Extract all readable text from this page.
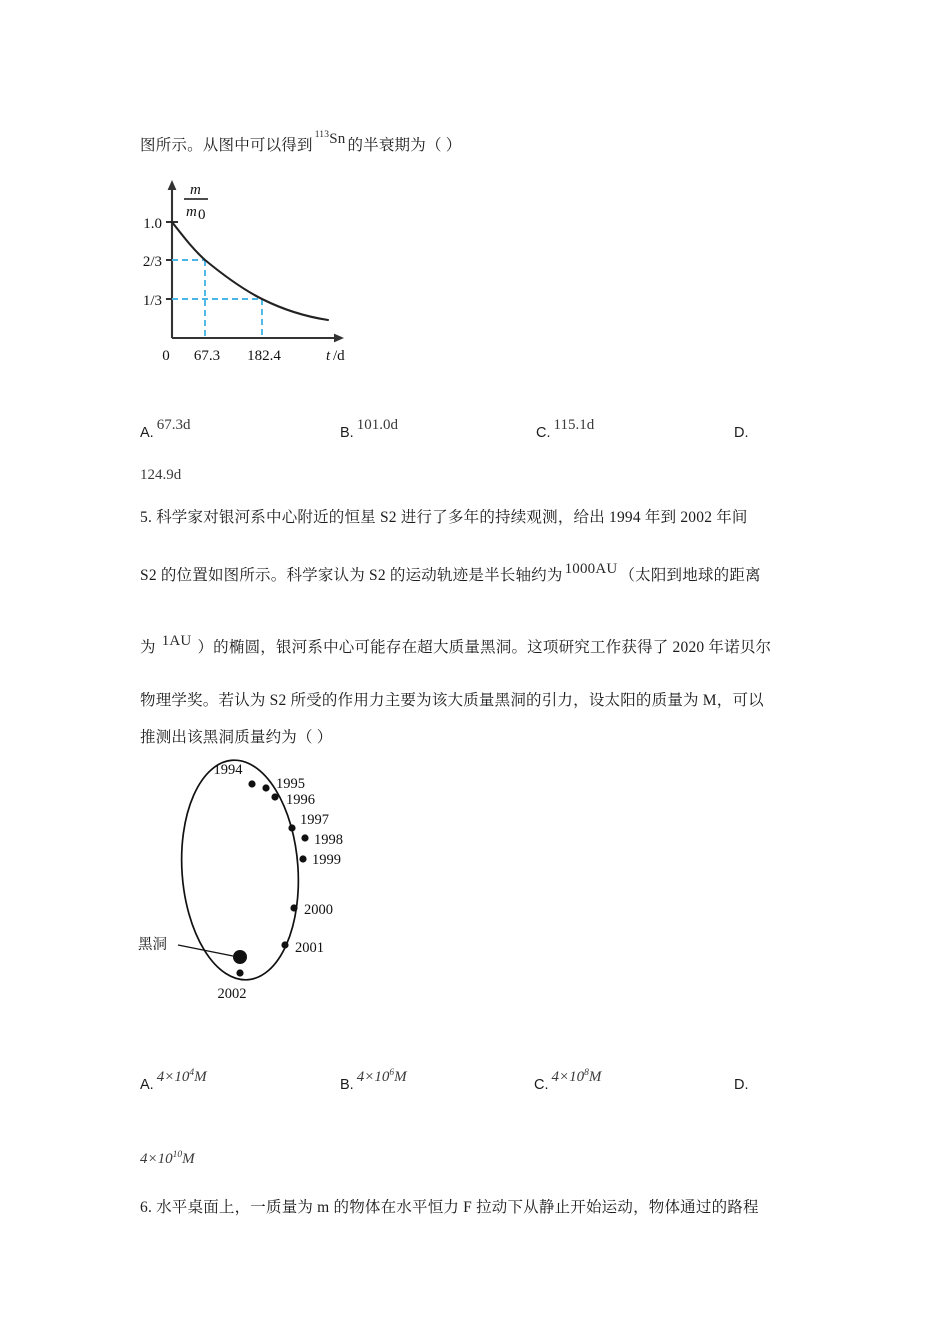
图所示。从图中可以得到$^{113}$Sn 的半衰期为（ ）
m
m 0
1.0
2/3
1/3
0 67.3 182.4	t /d
A. 67.3d	B. 101.0d	C. 115.1d	D.
124.9d
5. 科学家对银河系中心附近的恒星 S2 进行了多年的持续观测，给出 1994 年到 2002 年间
S2 的位置如图所示。科学家认为 S2 的运动轨迹是半长轴约为 1000AU （太阳到地球的距离
为 1AU ）的椭圆，银河系中心可能存在超大质量黑洞。这项研究工作获得了 2020 年诺贝尔
物理学奖。若认为 S2 所受的作用力主要为该大质量黑洞的引力，设太阳的质量为 M，可以
推测出该黑洞质量约为（ ）
黑洞
1994
1995
1996
1997
1998
1999
2000
2001
2002
A. $4\times 10^4M$	B. $4\times 10^6M$	C. $4\times 10^8M$	D.
$4\times 10^{10}M$
6. 水平桌面上，一质量为 m 的物体在水平恒力 F 拉动下从静止开始运动，物体通过的路程
